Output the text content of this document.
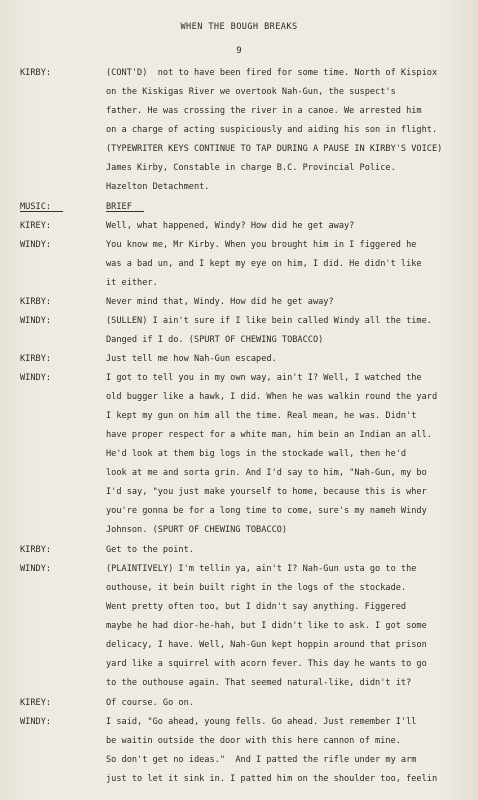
WHEN THE BOUGH BREAKS
9
KIRBY:	(CONT'D)  not to have been fired for some time. North of Kispiox
on the Kiskigas River we overtook Nah-Gun, the suspect's
father. He was crossing the river in a canoe. We arrested him
on a charge of acting suspiciously and aiding his son in flight.
(TYPEWRITER KEYS CONTINUE TO TAP DURING A PAUSE IN KIRBY'S VOICE)
James Kirby, Constable in charge B.C. Provincial Police.
Hazelton Detachment.
MUSIC:	BRIEF
KIREY:	Well, what happened, Windy? How did he get away?
WINDY:	You know me, Mr Kirby. When you brought him in I figgered he
was a bad un, and I kept my eye on him, I did. He didn't like
it either.
KIRBY:	Never mind that, Windy. How did he get away?
WINDY:	(SULLEN) I ain't sure if I like bein called Windy all the time.
Danged if I do. (SPURT OF CHEWING TOBACCO)
KIRBY:	Just tell me how Nah-Gun escaped.
WINDY:	I got to tell you in my own way, ain't I? Well, I watched the
old bugger like a hawk, I did. When he was walkin round the yard
I kept my gun on him all the time. Real mean, he was. Didn't
have proper respect for a white man, him bein an Indian an all.
He'd look at them big logs in the stockade wall, then he'd
look at me and sorta grin. And I'd say to him, "Nah-Gun, my bo
I'd say, "you just make yourself to home, because this is wher
you're gonna be for a long time to come, sure's my nameh Windy
Johnson. (SPURT OF CHEWING TOBACCO)
KIRBY:	Get to the point.
WINDY:	(PLAINTIVELY) I'm tellin ya, ain't I? Nah-Gun usta go to the
outhouse, it bein built right in the logs of the stockade.
Went pretty often too, but I didn't say anything. Figgered
maybe he had dior-he-hah, but I didn't like to ask. I got some
delicacy, I have. Well, Nah-Gun kept hoppin around that prison
yard like a squirrel with acorn fever. This day he wants to go
to the outhouse again. That seemed natural-like, didn't it?
KIREY:	Of course. Go on.
WINDY:	I said, "Go ahead, young fells. Go ahead. Just remember I'll
be waitin outside the door with this here cannon of mine.
So don't get no ideas."  And I patted the rifle under my arm
just to let it sink in. I patted him on the shoulder too, feelin
